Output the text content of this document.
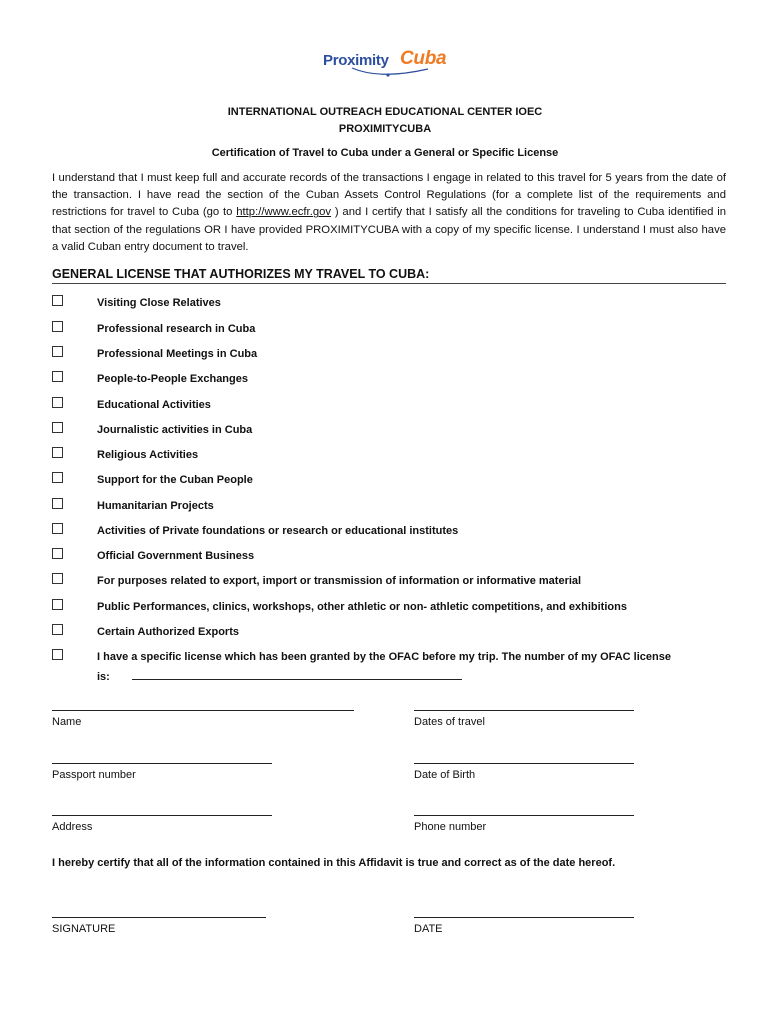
Proximity Cuba
INTERNATIONAL OUTREACH EDUCATIONAL CENTER IOEC
PROXIMITYCUBA
Certification of Travel to Cuba under a General or Specific License
I understand that I must keep full and accurate records of the transactions I engage in related to this travel for 5 years from the date of the transaction. I have read the section of the Cuban Assets Control Regulations (for a complete list of the requirements and restrictions for travel to Cuba (go to http://www.ecfr.gov ) and I certify that I satisfy all the conditions for traveling to Cuba identified in that section of the regulations OR I have provided PROXIMITYCUBA with a copy of my specific license. I understand I must also have a valid Cuban entry document to travel.
GENERAL LICENSE THAT AUTHORIZES MY TRAVEL TO CUBA:
Visiting Close Relatives
Professional research in Cuba
Professional Meetings in Cuba
People-to-People Exchanges
Educational Activities
Journalistic activities in Cuba
Religious Activities
Support for the Cuban People
Humanitarian Projects
Activities of Private foundations or research or educational institutes
Official Government Business
For purposes related to export, import or transmission of information or informative material
Public Performances, clinics, workshops, other athletic or non- athletic competitions, and exhibitions
Certain Authorized Exports
I have a specific license which has been granted by the OFAC before my trip. The number of my OFAC license
is:
Name	Dates of travel
Passport number	Date of Birth
Address	Phone number
I hereby certify that all of the information contained in this Affidavit is true and correct as of the date hereof.
SIGNATURE	DATE
